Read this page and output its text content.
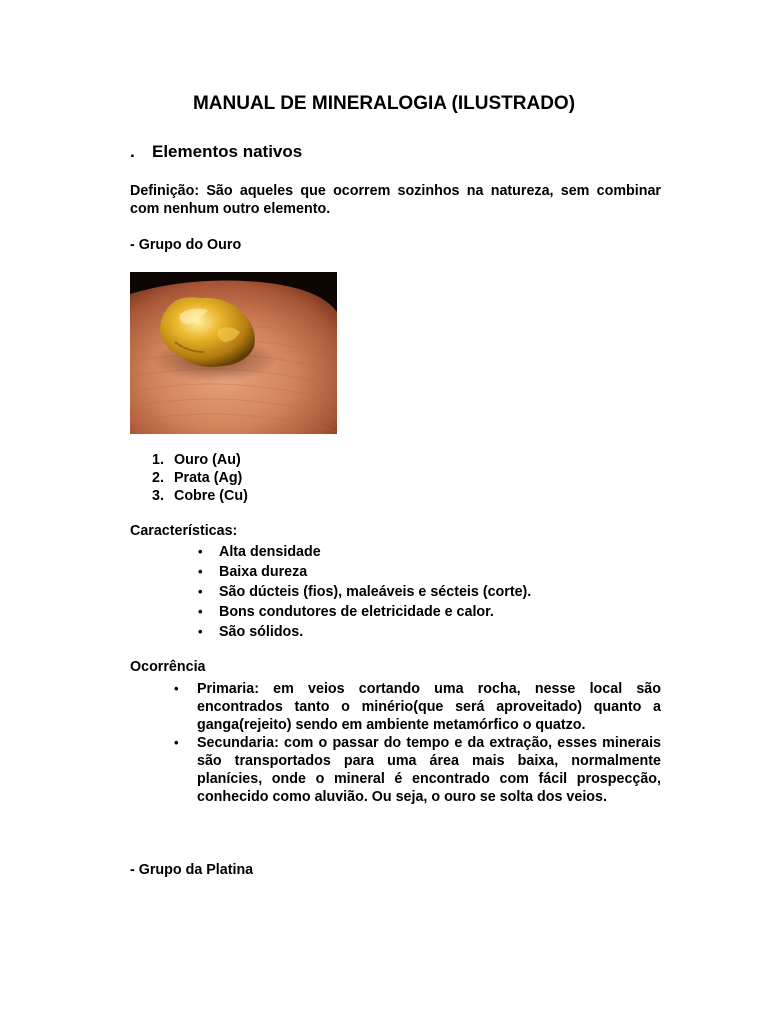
MANUAL DE MINERALOGIA (ILUSTRADO)
.	Elementos nativos
Definição: São aqueles que ocorrem sozinhos na natureza, sem combinar com nenhum outro elemento.
- Grupo do Ouro
1. Ouro (Au)
2. Prata (Ag)
3. Cobre (Cu)
Características:
•	Alta densidade
•	Baixa dureza
•	São dúcteis (fios), maleáveis e sécteis (corte).
•	Bons condutores de eletricidade e calor.
•	São sólidos.
Ocorrência
•	Primaria: em veios cortando uma rocha, nesse local são encontrados tanto o minério(que será aproveitado) quanto a ganga(rejeito) sendo em ambiente metamórfico o quatzo.
•	Secundaria: com o passar do tempo e da extração, esses minerais são transportados para uma área mais baixa, normalmente planícies, onde o mineral é encontrado com fácil prospecção, conhecido como aluvião. Ou seja, o ouro se solta dos veios.
- Grupo da Platina
